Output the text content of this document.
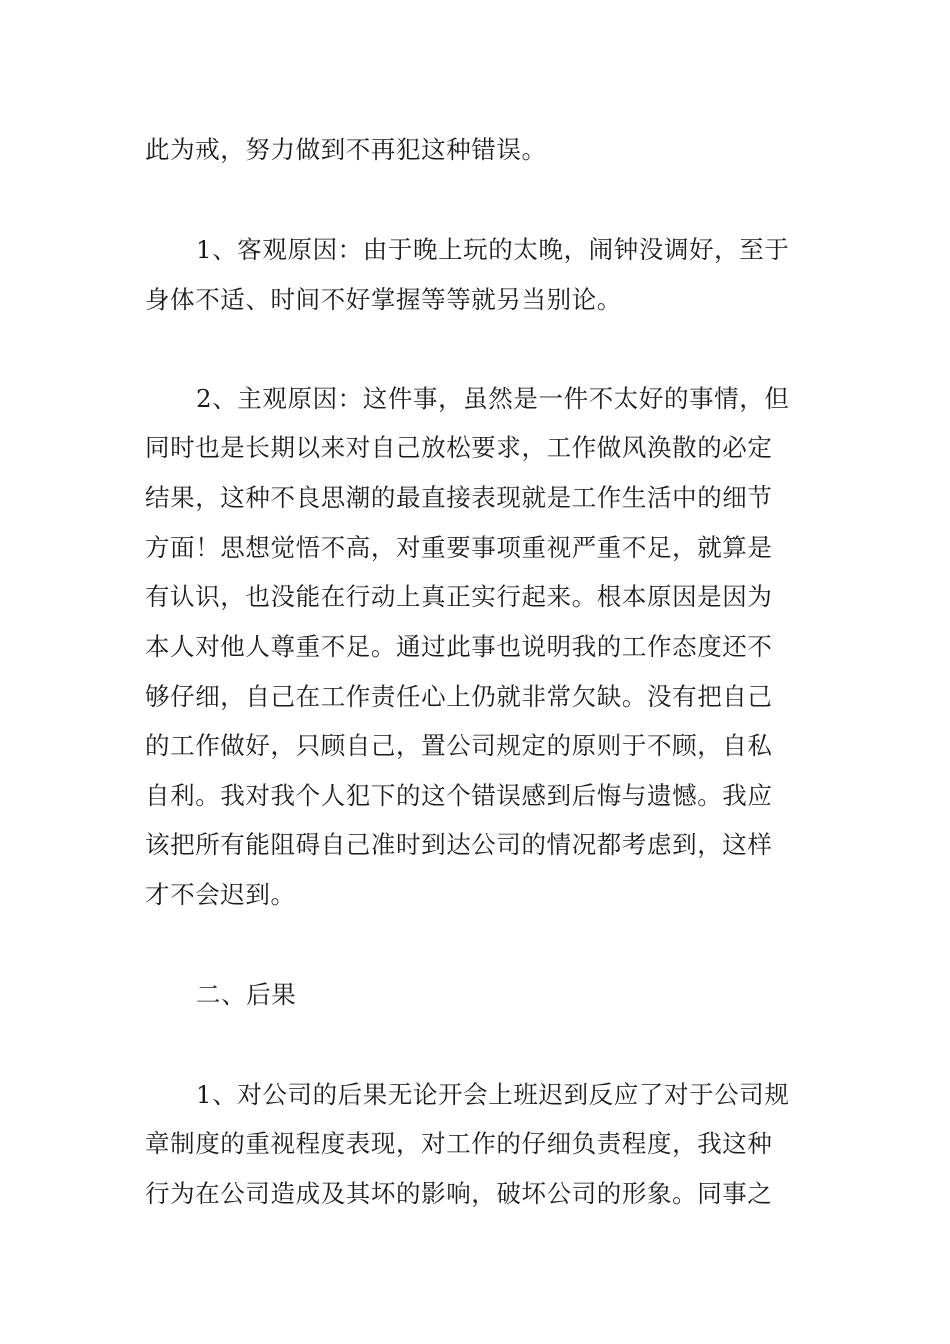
此为戒，努力做到不再犯这种错误。
1、客观原因：由于晚上玩的太晚，闹钟没调好，至于
身体不适、时间不好掌握等等就另当别论。
2、主观原因：这件事，虽然是一件不太好的事情，但
同时也是长期以来对自己放松要求，工作做风涣散的必定
结果，这种不良思潮的最直接表现就是工作生活中的细节
方面！思想觉悟不高，对重要事项重视严重不足，就算是
有认识，也没能在行动上真正实行起来。根本原因是因为
本人对他人尊重不足。通过此事也说明我的工作态度还不
够仔细，自己在工作责任心上仍就非常欠缺。没有把自己
的工作做好，只顾自己，置公司规定的原则于不顾，自私
自利。我对我个人犯下的这个错误感到后悔与遗憾。我应
该把所有能阻碍自己准时到达公司的情况都考虑到，这样
才不会迟到。
二、后果
1、对公司的后果无论开会上班迟到反应了对于公司规
章制度的重视程度表现，对工作的仔细负责程度，我这种
行为在公司造成及其坏的影响，破坏公司的形象。同事之
